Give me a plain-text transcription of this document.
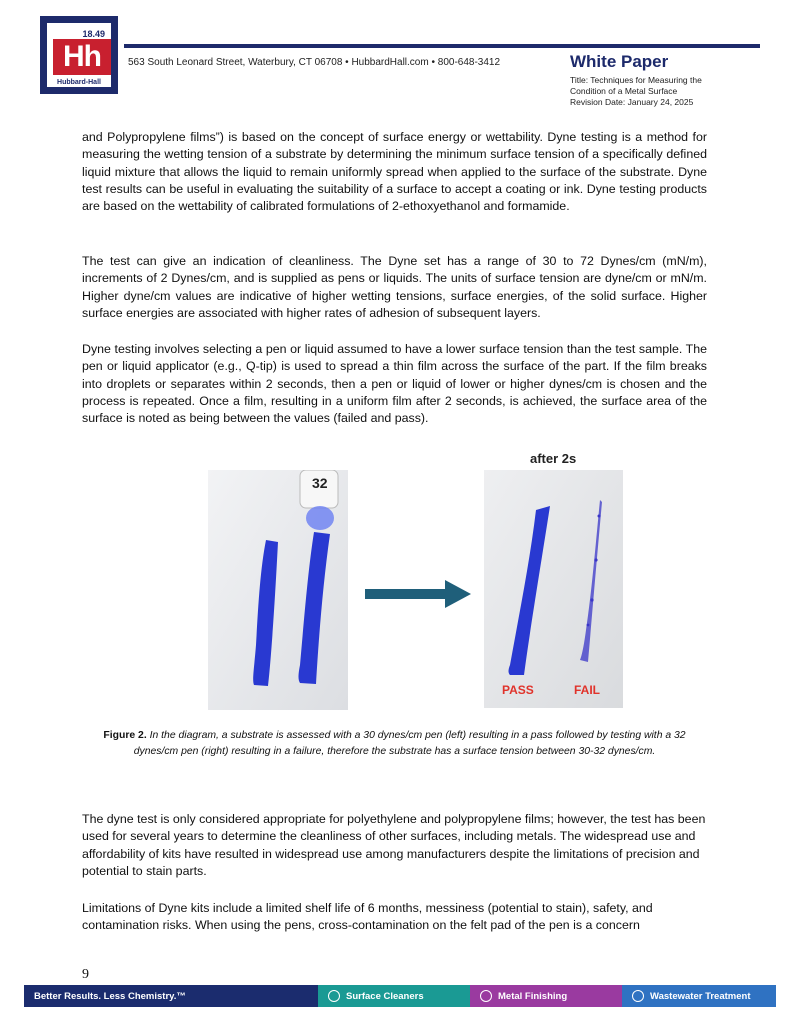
18.49
Hh
Hubbard-Hall
563 South Leonard Street, Waterbury, CT 06708 • HubbardHall.com • 800-648-3412	White Paper
Title: Techniques for Measuring the
Condition of a Metal Surface
Revision Date: January 24, 2025
and Polypropylene films”) is based on the concept of surface energy or wettability. Dyne testing is a method for measuring the wetting tension of a substrate by determining the minimum surface tension of a specifically defined liquid mixture that allows the liquid to remain uniformly spread when applied to the surface of the substrate. Dyne test results can be useful in evaluating the suitability of a surface to accept a coating or ink. Dyne testing products are based on the wettability of calibrated formulations of 2-ethoxyethanol and formamide.
The test can give an indication of cleanliness. The Dyne set has a range of 30 to 72 Dynes/cm (mN/m), increments of 2 Dynes/cm, and is supplied as pens or liquids. The units of surface tension are dyne/cm or mN/m. Higher dyne/cm values are indicative of higher wetting tensions, surface energies, of the solid surface. Higher surface energies are associated with higher rates of adhesion of subsequent layers.
Dyne testing involves selecting a pen or liquid assumed to have a lower surface tension than the test sample. The pen or liquid applicator (e.g., Q-tip) is used to spread a thin film across the surface of the part. If the film breaks into droplets or separates within 2 seconds, then a pen or liquid of lower or higher dynes/cm is chosen and the process is repeated. Once a film, resulting in a uniform film after 2 seconds, is achieved, the surface area of the surface is noted as being between the values (failed and pass).
after 2s
32
PASS	FAIL
Figure 2. In the diagram, a substrate is assessed with a 30 dynes/cm pen (left) resulting in a pass followed by testing with a 32 dynes/cm pen (right) resulting in a failure, therefore the substrate has a surface tension between 30-32 dynes/cm.
The dyne test is only considered appropriate for polyethylene and polypropylene films; however, the test has been used for several years to determine the cleanliness of other surfaces, including metals. The widespread use and affordability of kits have resulted in widespread use among manufacturers despite the limitations of precision and potential to stain parts.
Limitations of Dyne kits include a limited shelf life of 6 months, messiness (potential to stain), safety, and contamination risks. When using the pens, cross-contamination on the felt pad of the pen is a concern
9
Better Results. Less Chemistry.™	Surface Cleaners	Metal Finishing	Wastewater Treatment
